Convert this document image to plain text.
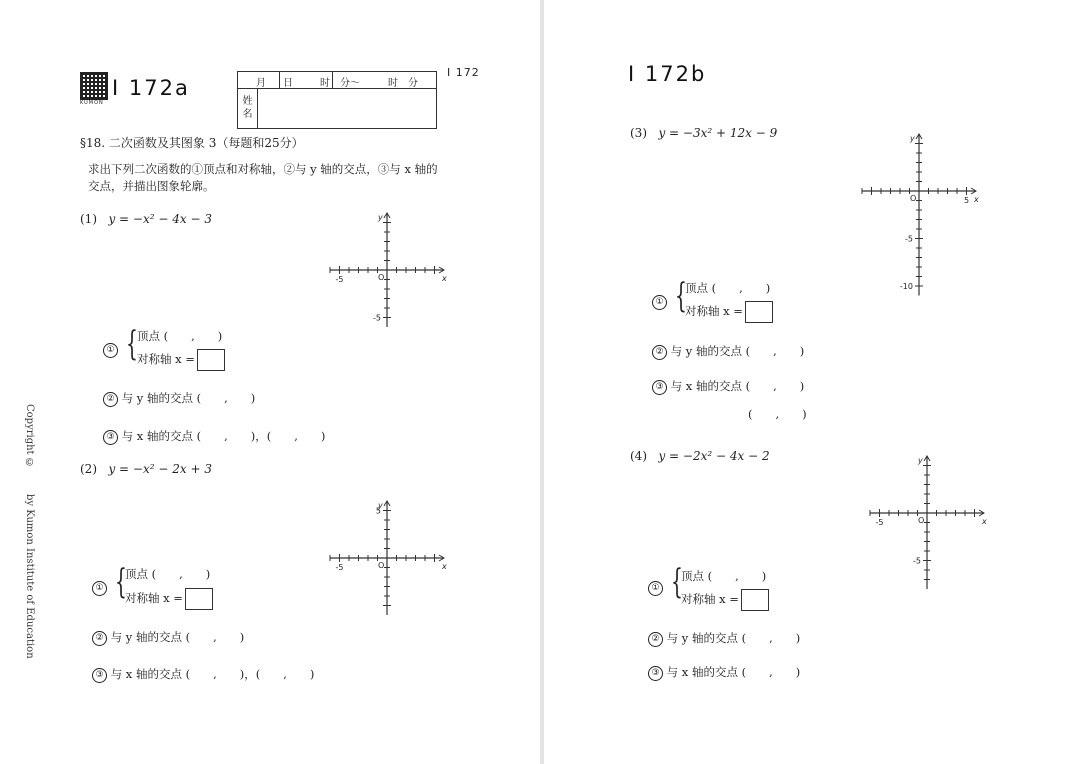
KUMON
I 172a	月 日	时　分～	时　分
姓
名
I 172
§18. 二次函数及其图象 3（每题和25分）
求出下列二次函数的①顶点和对称轴，②与 y 轴的交点，③与 x 轴的
交点，并描出图象轮廓。
(1) y = −x² − 4x − 3
x
y
O
-5
-5
① { 顶点 (　　,　　)
对称轴 x =
② 与 y 轴的交点 (　　,　　)
③ 与 x 轴的交点 (　　,　　)，(　　,　　)
(2) y = −x² − 2x + 3
x
y
O
-5
5
① {
顶点 (　　,　　)
对称轴 x =
② 与 y 轴的交点 (　　,　　)
③ 与 x 轴的交点 (　　,　　)，(　　,　　)
Copyright ©
by Kumon Institute of Education
I 172b
(3) y = −3x² + 12x − 9
x
y
O	5
-5
-10
① {
顶点 (　　,　　)
对称轴 x =
② 与 y 轴的交点 (　　,　　)
③ 与 x 轴的交点 (　　,　　)
(　　,　　)
(4) y = −2x² − 4x − 2
x
y
O
-5
-5
① {
顶点 (　　,　　)
对称轴 x =
② 与 y 轴的交点 (　　,　　)
③ 与 x 轴的交点 (　　,　　)
